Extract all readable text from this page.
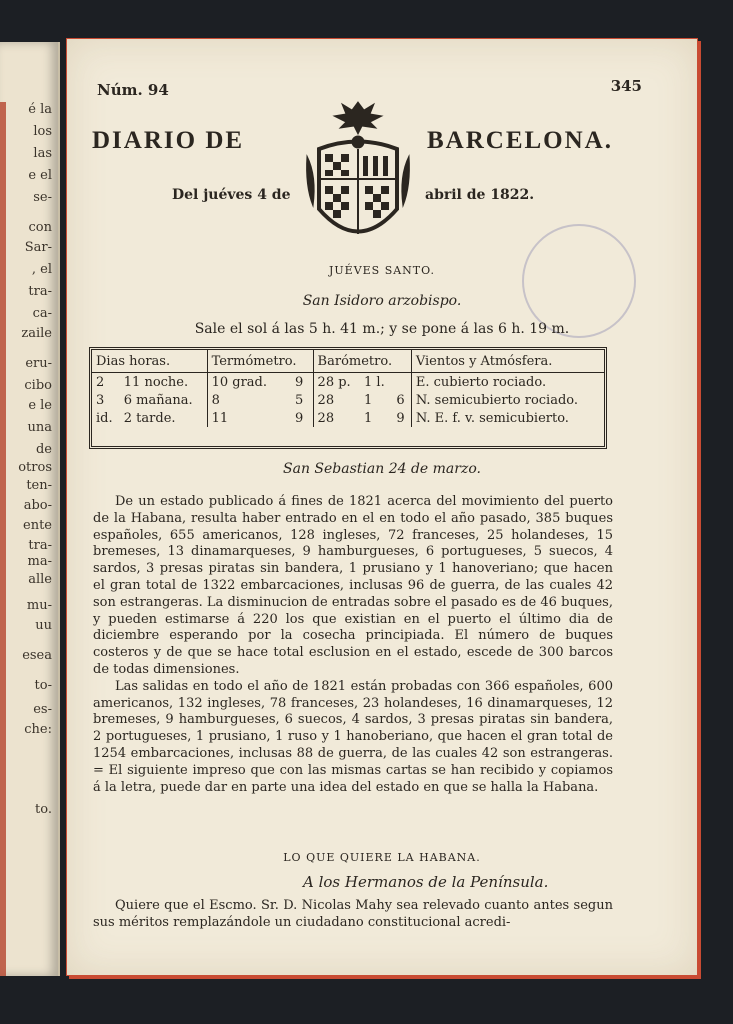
é la
los
las
e el
se-
con
Sar-
, el
tra-
ca-
zaile
eru-
cibo
e le
una
de
otros
ten-
abo-
ente
tra-
ma-
alle
mu-
uu
esea
to-
es-
che:
to.
Núm. 94	345
DIARIO DE	BARCELONA.
Del juéves 4 de	abril de 1822.
JUÉVES SANTO.
San Isidoro arzobispo.
Sale el sol á las 5 h. 41 m.; y se pone á las 6 h. 19 m.
Dias horas.		Termómetro.		Barómetro.			Vientos y Atmósfera.
2	11 noche.	10 grad.	9	28 p.	1 l.		E. cubierto rociado.
3	6 mañana.	8	5	28	1	6	N. semicubierto rociado.
id.	2 tarde.	11	9	28	1	9	N. E. f. v. semicubierto.
San Sebastian 24 de marzo.

De un estado publicado á fines de 1821 acerca del movimiento del puerto de la Habana, resulta haber entrado en el en todo el año pasado, 385 buques españoles, 655 americanos, 128 ingleses, 72 franceses, 25 holandeses, 15 bremeses, 13 dinamarqueses, 9 hamburgueses, 6 portugueses, 5 suecos, 4 sardos, 3 presas piratas sin bandera, 1 prusiano y 1 hanoveriano; que hacen el gran total de 1322 embarcaciones, inclusas 96 de guerra, de las cuales 42 son estrangeras. La disminucion de entradas sobre el pasado es de 46 buques, y pueden estimarse á 220 los que existian en el puerto el último dia de diciembre esperando por la cosecha principiada. El número de buques costeros y de que se hace total esclusion en el estado, escede de 300 barcos de todas dimensiones.

Las salidas en todo el año de 1821 están probadas con 366 españoles, 600 americanos, 132 ingleses, 78 franceses, 23 holandeses, 16 dinamarqueses, 12 bremeses, 9 hamburgueses, 6 suecos, 4 sardos, 3 presas piratas sin bandera, 2 portugueses, 1 prusiano, 1 ruso y 1 hanoberiano, que hacen el gran total de 1254 embarcaciones, inclusas 88 de guerra, de las cuales 42 son estrangeras. = El siguiente impreso que con las mismas cartas se han recibido y copiamos á la letra, puede dar en parte una idea del estado en que se halla la Habana.

LO QUE QUIERE LA HABANA.
A los Hermanos de la Península.

Quiere que el Escmo. Sr. D. Nicolas Mahy sea relevado cuanto antes segun sus méritos remplazándole un ciudadano constitucional acredi-
